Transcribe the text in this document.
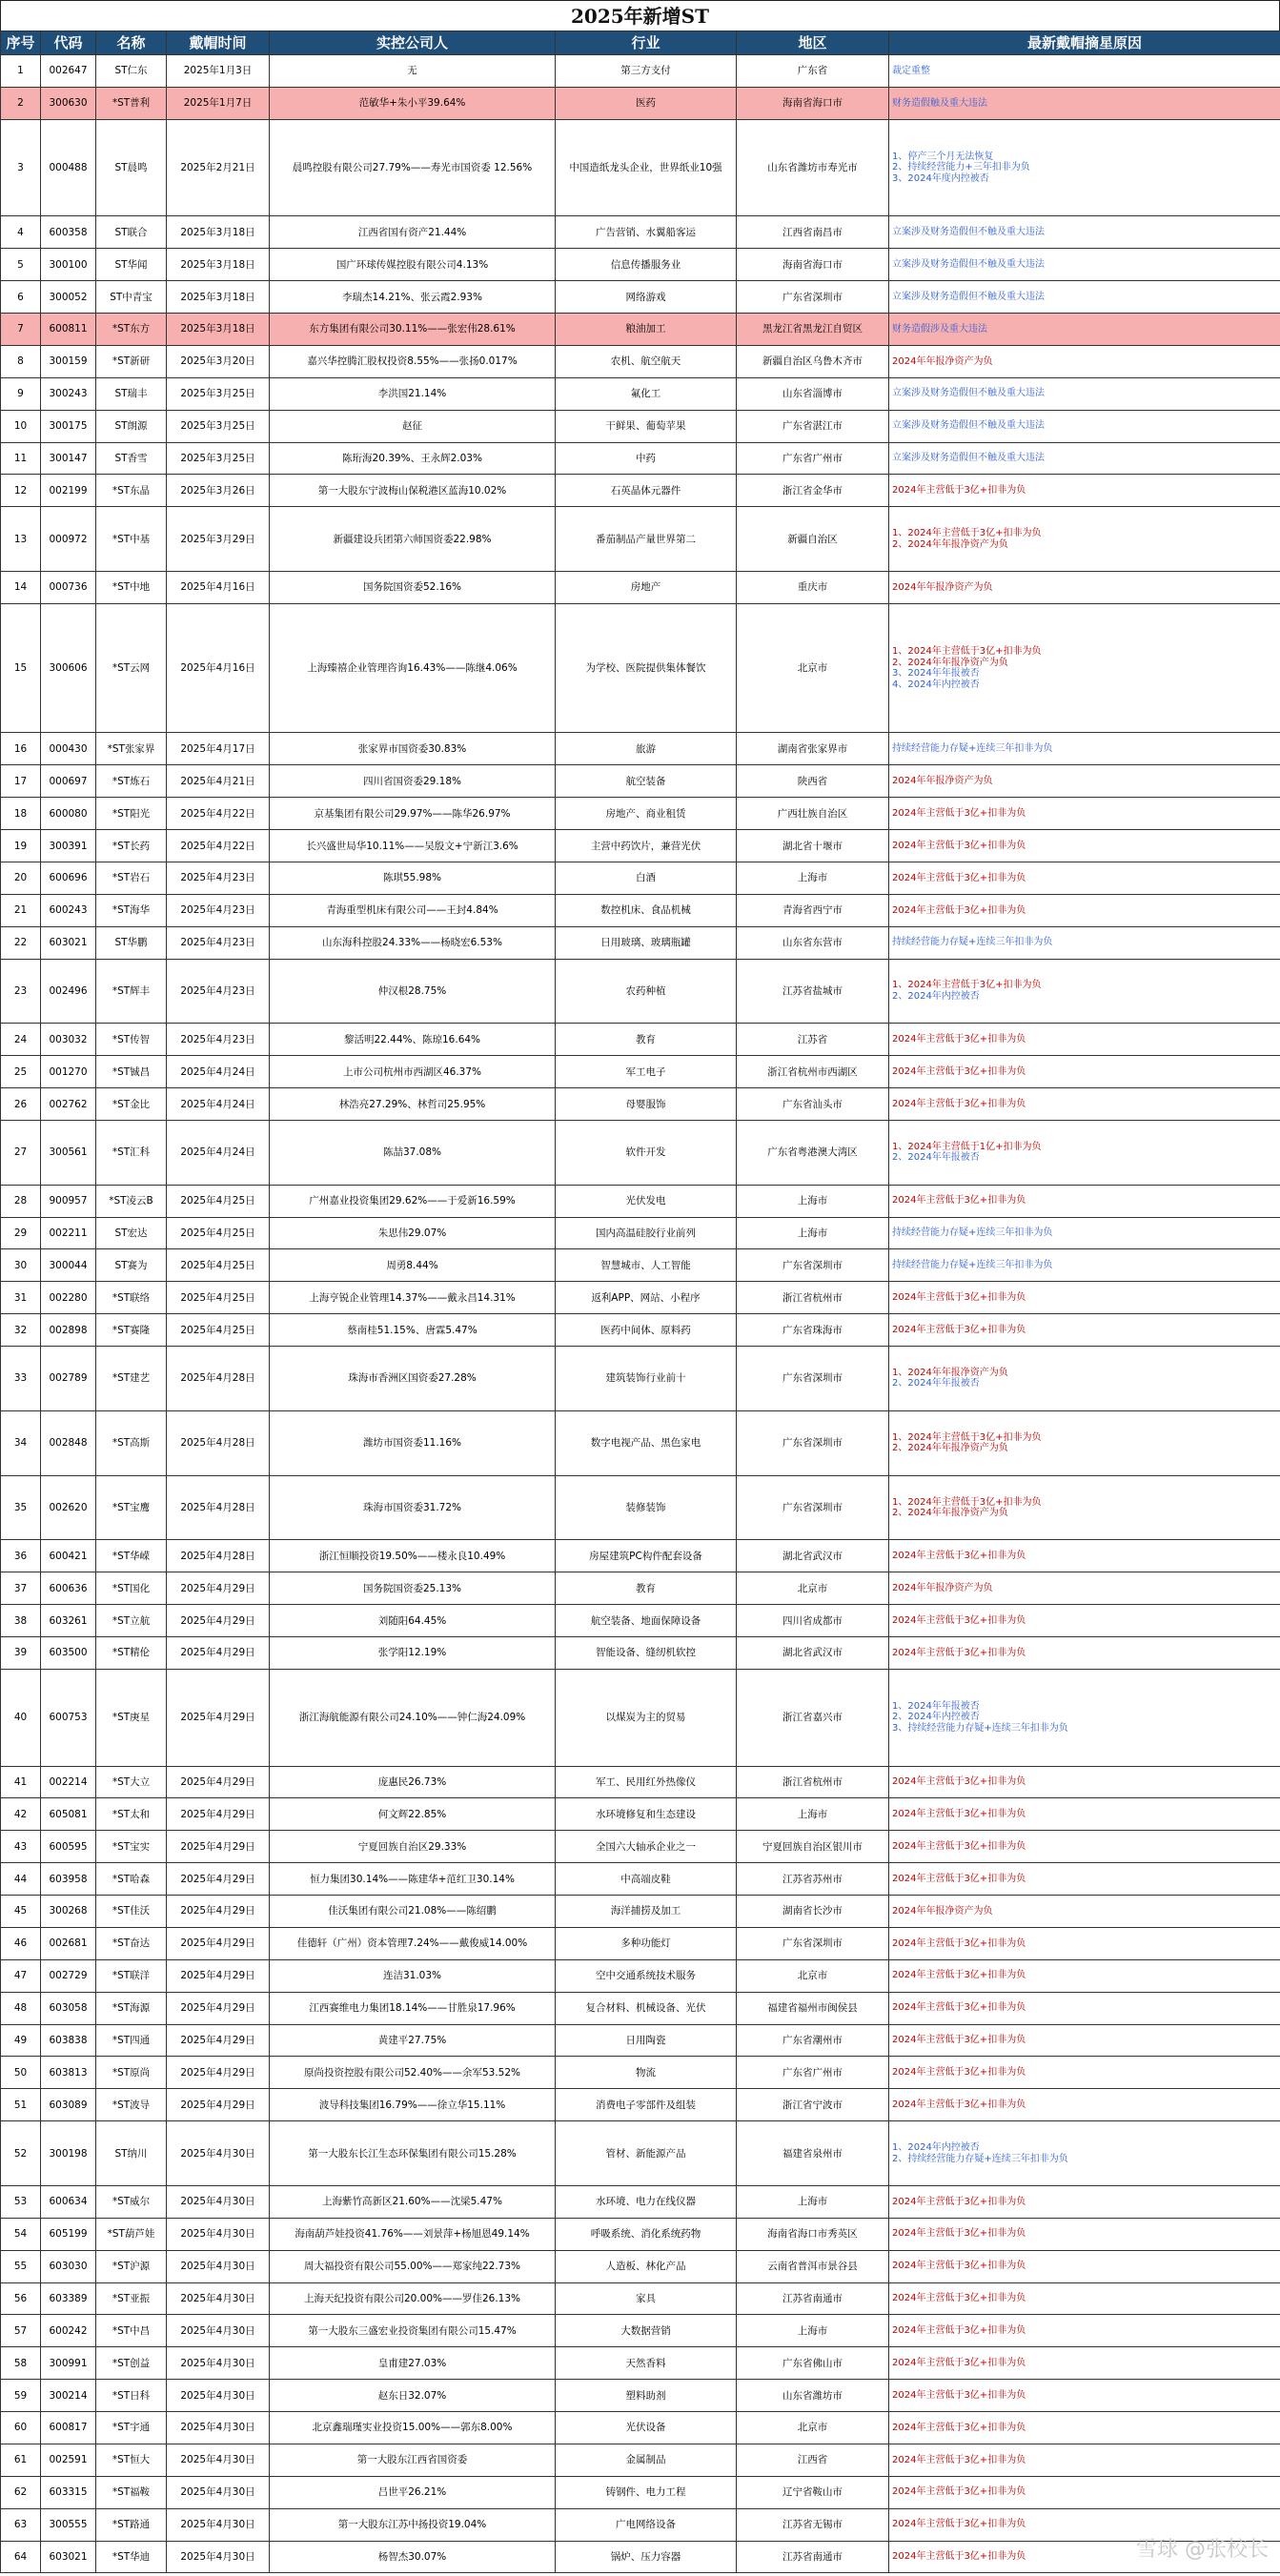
2025年新增ST
序号	代码	名称	戴帽时间	实控公司人	行业	地区	最新戴帽摘星原因
1	002647	ST仁东	2025年1月3日	无	第三方支付	广东省	裁定重整

2	300630	*ST普利	2025年1月7日	范敏华+朱小平39.64%	医药	海南省海口市	财务造假触及重大违法

3	000488	ST晨鸣	2025年2月21日	晨鸣控股有限公司27.79%——寿光市国资委 12.56%	中国造纸龙头企业，世界纸业10强	山东省潍坊市寿光市	1、停产三个月无法恢复
2、持续经营能力+三年扣非为负
3、2024年度内控被否

4	600358	ST联合	2025年3月18日	江西省国有资产21.44%	广告营销、水翼船客运	江西省南昌市	立案涉及财务造假但不触及重大违法

5	300100	ST华闻	2025年3月18日	国广环球传媒控股有限公司4.13%	信息传播服务业	海南省海口市	立案涉及财务造假但不触及重大违法

6	300052	ST中青宝	2025年3月18日	李瑞杰14.21%、张云霞2.93%	网络游戏	广东省深圳市	立案涉及财务造假但不触及重大违法

7	600811	*ST东方	2025年3月18日	东方集团有限公司30.11%——张宏伟28.61%	粮油加工	黑龙江省黑龙江自贸区	财务造假涉及重大违法

8	300159	*ST新研	2025年3月20日	嘉兴华控腾汇股权投资8.55%——张扬0.017%	农机、航空航天	新疆自治区乌鲁木齐市	2024年年报净资产为负

9	300243	ST瑞丰	2025年3月25日	李洪国21.14%	氟化工	山东省淄博市	立案涉及财务造假但不触及重大违法

10	300175	ST朗源	2025年3月25日	赵征	干鲜果、葡萄苹果	广东省湛江市	立案涉及财务造假但不触及重大违法

11	300147	ST香雪	2025年3月25日	陈珩海20.39%、王永辉2.03%	中药	广东省广州市	立案涉及财务造假但不触及重大违法

12	002199	*ST东晶	2025年3月26日	第一大股东宁波梅山保税港区蓝海10.02%	石英晶体元器件	浙江省金华市	2024年主营低于3亿+扣非为负

13	000972	*ST中基	2025年3月29日	新疆建设兵团第六师国资委22.98%	番茄制品产量世界第二	新疆自治区	1、2024年主营低于3亿+扣非为负
2、2024年年报净资产为负

14	000736	*ST中地	2025年4月16日	国务院国资委52.16%	房地产	重庆市	2024年年报净资产为负

15	300606	*ST云网	2025年4月16日	上海臻禧企业管理咨询16.43%——陈继4.06%	为学校、医院提供集体餐饮	北京市	1、2024年主营低于3亿+扣非为负
2、2024年年报净资产为负
3、2024年年报被否
4、2024年内控被否

16	000430	*ST张家界	2025年4月17日	张家界市国资委30.83%	旅游	湖南省张家界市	持续经营能力存疑+连续三年扣非为负

17	000697	*ST炼石	2025年4月21日	四川省国资委29.18%	航空装备	陕西省	2024年年报净资产为负

18	600080	*ST阳光	2025年4月22日	京基集团有限公司29.97%——陈华26.97%	房地产、商业租赁	广西壮族自治区	2024年主营低于3亿+扣非为负

19	300391	*ST长药	2025年4月22日	长兴盛世局华10.11%——吴殷文+宁新江3.6%	主营中药饮片，兼营光伏	湖北省十堰市	2024年主营低于3亿+扣非为负

20	600696	*ST岩石	2025年4月23日	陈琪55.98%	白酒	上海市	2024年主营低于3亿+扣非为负

21	600243	*ST海华	2025年4月23日	青海重型机床有限公司——王封4.84%	数控机床、食品机械	青海省西宁市	2024年主营低于3亿+扣非为负

22	603021	ST华鹏	2025年4月23日	山东海科控股24.33%——杨晓宏6.53%	日用玻璃、玻璃瓶罐	山东省东营市	持续经营能力存疑+连续三年扣非为负

23	002496	*ST辉丰	2025年4月23日	仲汉根28.75%	农药种植	江苏省盐城市	1、2024年主营低于3亿+扣非为负
2、2024年内控被否

24	003032	*ST传智	2025年4月23日	黎活明22.44%、陈琼16.64%	教育	江苏省	2024年主营低于3亿+扣非为负

25	001270	*ST铖昌	2025年4月24日	上市公司杭州市西湖区46.37%	军工电子	浙江省杭州市西湖区	2024年主营低于3亿+扣非为负

26	002762	*ST金比	2025年4月24日	林浩亮27.29%、林哲司25.95%	母婴服饰	广东省汕头市	2024年主营低于3亿+扣非为负

27	300561	*ST汇科	2025年4月24日	陈喆37.08%	软件开发	广东省粤港澳大湾区	1、2024年主营低于1亿+扣非为负
2、2024年年报被否

28	900957	*ST凌云B	2025年4月25日	广州嘉业投资集团29.62%——于爱新16.59%	光伏发电	上海市	2024年主营低于3亿+扣非为负

29	002211	ST宏达	2025年4月25日	朱思伟29.07%	国内高温硅胶行业前列	上海市	持续经营能力存疑+连续三年扣非为负

30	300044	ST赛为	2025年4月25日	周勇8.44%	智慧城市、人工智能	广东省深圳市	持续经营能力存疑+连续三年扣非为负

31	002280	*ST联络	2025年4月25日	上海亨锐企业管理14.37%——戴永昌14.31%	返利APP、网站、小程序	浙江省杭州市	2024年主营低于3亿+扣非为负

32	002898	*ST赛隆	2025年4月25日	蔡南桂51.15%、唐霖5.47%	医药中间体、原料药	广东省珠海市	2024年主营低于3亿+扣非为负

33	002789	*ST建艺	2025年4月28日	珠海市香洲区国资委27.28%	建筑装饰行业前十	广东省深圳市	1、2024年年报净资产为负
2、2024年年报被否

34	002848	*ST高斯	2025年4月28日	潍坊市国资委11.16%	数字电视产品、黑色家电	广东省深圳市	1、2024年主营低于3亿+扣非为负
2、2024年年报净资产为负

35	002620	*ST宝鹰	2025年4月28日	珠海市国资委31.72%	装修装饰	广东省深圳市	1、2024年主营低于3亿+扣非为负
2、2024年年报净资产为负

36	600421	*ST华嵘	2025年4月28日	浙江恒顺投资19.50%——楼永良10.49%	房屋建筑PC构件配套设备	湖北省武汉市	2024年主营低于3亿+扣非为负

37	600636	*ST国化	2025年4月29日	国务院国资委25.13%	教育	北京市	2024年年报净资产为负

38	603261	*ST立航	2025年4月29日	刘随阳64.45%	航空装备、地面保障设备	四川省成都市	2024年主营低于3亿+扣非为负

39	603500	*ST精伦	2025年4月29日	张学阳12.19%	智能设备、缝纫机软控	湖北省武汉市	2024年主营低于3亿+扣非为负

40	600753	*ST庚星	2025年4月29日	浙江海航能源有限公司24.10%——钟仁海24.09%	以煤炭为主的贸易	浙江省嘉兴市	1、2024年年报被否
2、2024年内控被否
3、持续经营能力存疑+连续三年扣非为负

41	002214	*ST大立	2025年4月29日	庞惠民26.73%	军工、民用红外热像仪	浙江省杭州市	2024年主营低于3亿+扣非为负

42	605081	*ST太和	2025年4月29日	何文辉22.85%	水环境修复和生态建设	上海市	2024年主营低于3亿+扣非为负

43	600595	*ST宝实	2025年4月29日	宁夏回族自治区29.33%	全国六大轴承企业之一	宁夏回族自治区银川市	2024年主营低于3亿+扣非为负

44	603958	*ST哈森	2025年4月29日	恒力集团30.14%——陈建华+范红卫30.14%	中高端皮鞋	江苏省苏州市	2024年主营低于3亿+扣非为负

45	300268	*ST佳沃	2025年4月29日	佳沃集团有限公司21.08%——陈绍鹏	海洋捕捞及加工	湖南省长沙市	2024年年报净资产为负

46	002681	*ST奋达	2025年4月29日	佳德轩（广州）资本管理7.24%——戴俊威14.00%	多种功能灯	广东省深圳市	2024年主营低于3亿+扣非为负

47	002729	*ST联洋	2025年4月29日	连洁31.03%	空中交通系统技术服务	北京市	2024年主营低于3亿+扣非为负

48	603058	*ST海源	2025年4月29日	江西赛维电力集团18.14%——甘胜泉17.96%	复合材料、机械设备、光伏	福建省福州市闽侯县	2024年主营低于3亿+扣非为负

49	603838	*ST四通	2025年4月29日	黄建平27.75%	日用陶瓷	广东省潮州市	2024年主营低于3亿+扣非为负

50	603813	*ST原尚	2025年4月29日	原尚投资控股有限公司52.40%——余军53.52%	物流	广东省广州市	2024年主营低于3亿+扣非为负

51	603089	*ST波导	2025年4月29日	波导科技集团16.79%——徐立华15.11%	消费电子零部件及组装	浙江省宁波市	2024年主营低于3亿+扣非为负

52	300198	ST纳川	2025年4月30日	第一大股东长江生态环保集团有限公司15.28%	管材、新能源产品	福建省泉州市	1、2024年内控被否
2、持续经营能力存疑+连续三年扣非为负

53	600634	*ST威尔	2025年4月30日	上海紫竹高新区21.60%——沈梁5.47%	水环境、电力在线仪器	上海市	2024年主营低于3亿+扣非为负

54	605199	*ST葫芦娃	2025年4月30日	海南葫芦娃投资41.76%——刘景萍+杨旭恩49.14%	呼吸系统、消化系统药物	海南省海口市秀英区	2024年主营低于3亿+扣非为负

55	603030	*ST沪源	2025年4月30日	周大福投资有限公司55.00%——郑家纯22.73%	人造板、林化产品	云南省普洱市景谷县	2024年主营低于3亿+扣非为负

56	603389	*ST亚振	2025年4月30日	上海天纪投资有限公司20.00%——罗佳26.13%	家具	江苏省南通市	2024年主营低于3亿+扣非为负

57	600242	*ST中昌	2025年4月30日	第一大股东三盛宏业投资集团有限公司15.47%	大数据营销	上海市	2024年主营低于3亿+扣非为负

58	300991	*ST创益	2025年4月30日	皇甫建27.03%	天然香料	广东省佛山市	2024年主营低于3亿+扣非为负

59	300214	*ST日科	2025年4月30日	赵东日32.07%	塑料助剂	山东省潍坊市	2024年主营低于3亿+扣非为负

60	600817	*ST宇通	2025年4月30日	北京鑫瑞瑾实业投资15.00%——郭东8.00%	光伏设备	北京市	2024年主营低于3亿+扣非为负

61	002591	*ST恒大	2025年4月30日	第一大股东江西省国资委	金属制品	江西省	2024年主营低于3亿+扣非为负

62	603315	*ST福鞍	2025年4月30日	吕世平26.21%	铸钢件、电力工程	辽宁省鞍山市	2024年主营低于3亿+扣非为负

63	300555	*ST路通	2025年4月30日	第一大股东江苏中扬投资19.04%	广电网络设备	江苏省无锡市	2024年主营低于3亿+扣非为负

64	603021	*ST华迪	2025年4月30日	杨智杰30.07%	锅炉、压力容器	江苏省南通市	2024年主营低于3亿+扣非为负	雪球 @张校长
